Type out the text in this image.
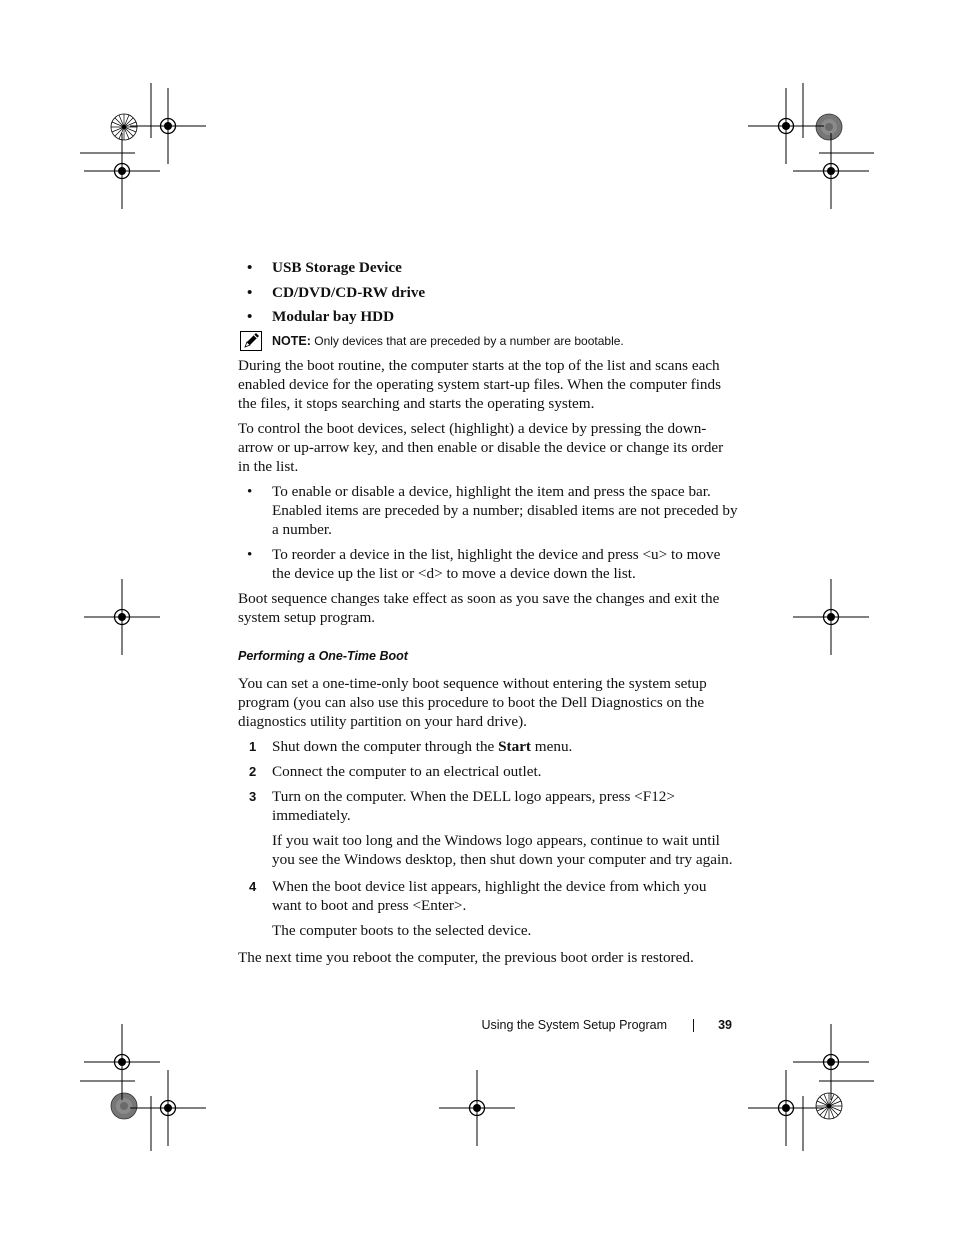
• USB Storage Device
• CD/DVD/CD-RW drive
• Modular bay HDD
NOTE: Only devices that are preceded by a number are bootable.

During the boot routine, the computer starts at the top of the list and scans each enabled device for the operating system start-up files. When the computer finds the files, it stops searching and starts the operating system.

To control the boot devices, select (highlight) a device by pressing the down-arrow or up-arrow key, and then enable or disable the device or change its order in the list.

• To enable or disable a device, highlight the item and press the space bar. Enabled items are preceded by a number; disabled items are not preceded by a number.
• To reorder a device in the list, highlight the device and press <u> to move the device up the list or <d> to move a device down the list.

Boot sequence changes take effect as soon as you save the changes and exit the system setup program.

Performing a One-Time Boot

You can set a one-time-only boot sequence without entering the system setup program (you can also use this procedure to boot the Dell Diagnostics on the diagnostics utility partition on your hard drive).

1 Shut down the computer through the Start menu.
2 Connect the computer to an electrical outlet.
3 Turn on the computer. When the DELL logo appears, press <F12> immediately.
If you wait too long and the Windows logo appears, continue to wait until you see the Windows desktop, then shut down your computer and try again.
4 When the boot device list appears, highlight the device from which you want to boot and press <Enter>.
The computer boots to the selected device.

The next time you reboot the computer, the previous boot order is restored.

Using the System Setup Program	39
